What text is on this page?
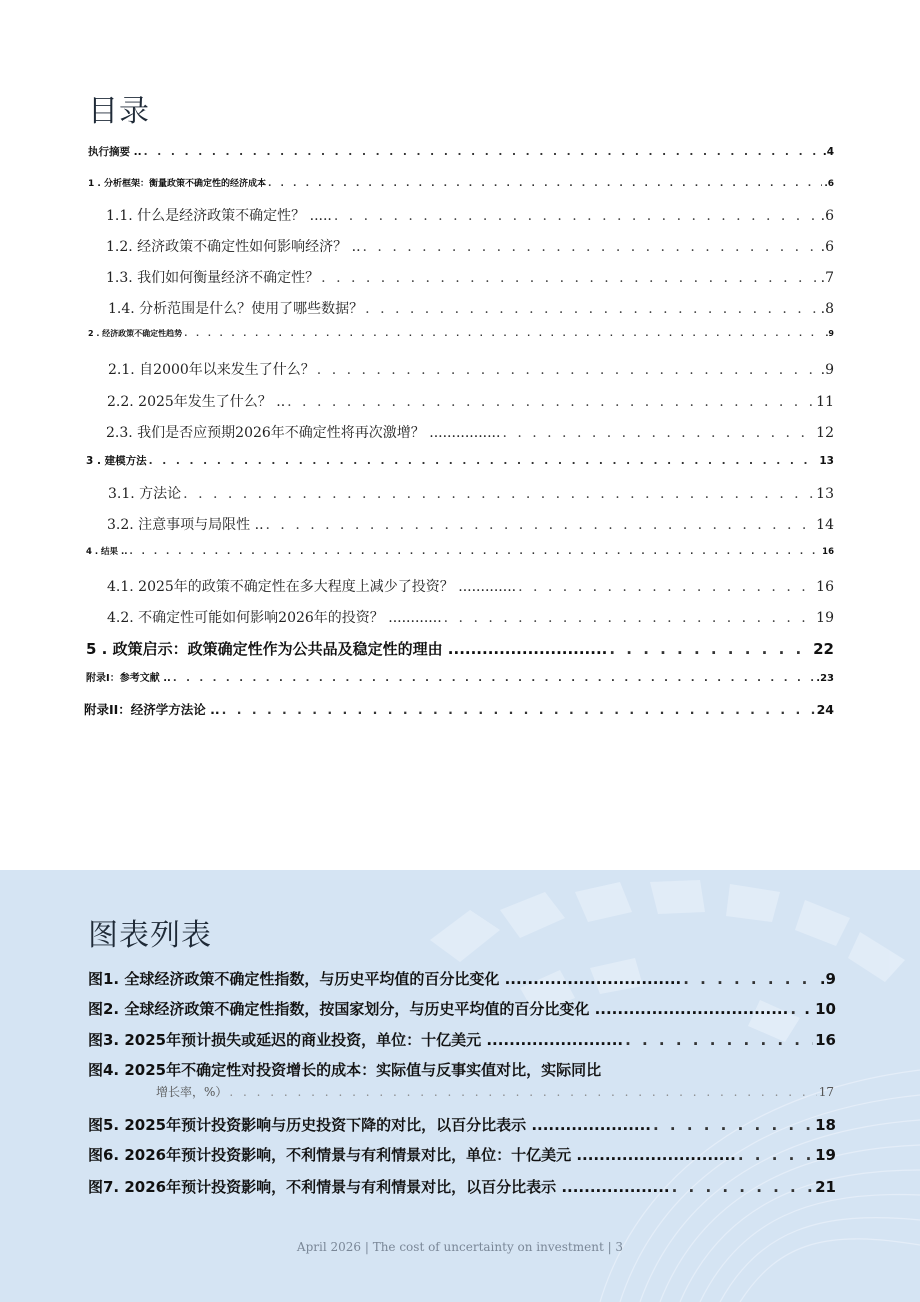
目录
执行摘要 .. . . .	.4
1 . 分析框架：衡量政策不确定性的经济成本 . . .	.6
1.1. 什么是经济政策不确定性？ ..... . . .	.6
1.2. 经济政策不确定性如何影响经济？ .. . . .	.6
1.3. 我们如何衡量经济不确定性？ . . .	.7
1.4. 分析范围是什么？使用了哪些数据？ . . .	.8
2 . 经济政策不确定性趋势 . . .	.9
2.1. 自2000年以来发生了什么？ . . .	.9
2.2. 2025年发生了什么？ .. . . .	11
2.3. 我们是否应预期2026年不确定性将再次激增？ ................ . . .	12
3 . 建模方法 . . .	13
3.1. 方法论 . . .	13
3.2. 注意事项与局限性 .. . . .	14
4 . 结果 .. . . .	16
4.1. 2025年的政策不确定性在多大程度上减少了投资？ ............. . . .	16
4.2. 不确定性可能如何影响2026年的投资？ ............ . . .	19
5 . 政策启示：政策确定性作为公共品及稳定性的理由 ............................ . . .	22
附录I：参考文献 .. . . .	.23
附录II：经济学方法论 .. . . .	24
图表列表
图1. 全球经济政策不确定性指数，与历史平均值的百分比变化 ............................... . . .	.9
图2. 全球经济政策不确定性指数，按国家划分，与历史平均值的百分比变化 .................................. . . . . 10
图3. 2025年预计损失或延迟的商业投资，单位：十亿美元 ........................ . . .	16
图4. 2025年不确定性对投资增长的成本：实际值与反事实值对比，实际同比
增长率，%） . . .	17
图5. 2025年预计投资影响与历史投资下降的对比，以百分比表示 ..................... . . .	18
图6. 2026年预计投资影响，不利情景与有利情景对比，单位：十亿美元 ............................ . . .	19
图7. 2026年预计投资影响，不利情景与有利情景对比，以百分比表示 ................... . . .	21
April 2026 | The cost of uncertainty on investment | 3
